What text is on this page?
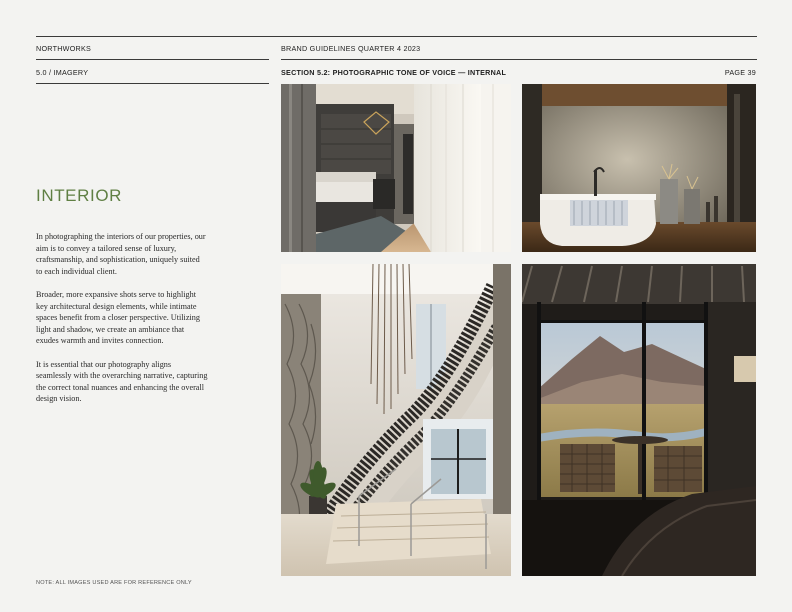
NORTHWORKS	BRAND GUIDELINES QUARTER 4 2023
5.0 / IMAGERY	SECTION 5.2: PHOTOGRAPHIC TONE OF VOICE — INTERNAL	PAGE 39
INTERIOR

In photographing the interiors of our properties, our aim is to convey a tailored sense of luxury, craftsmanship, and sophistication, uniquely suited to each individual client.

Broader, more expansive shots serve to highlight key architectural design elements, while intimate spaces benefit from a closer perspective. Utilizing light and shadow, we create an ambiance that exudes warmth and invites connection.

It is essential that our photography aligns seamlessly with the overarching narrative, capturing the correct tonal nuances and enhancing the overall design vision.

NOTE: ALL IMAGES USED ARE FOR REFERENCE ONLY
